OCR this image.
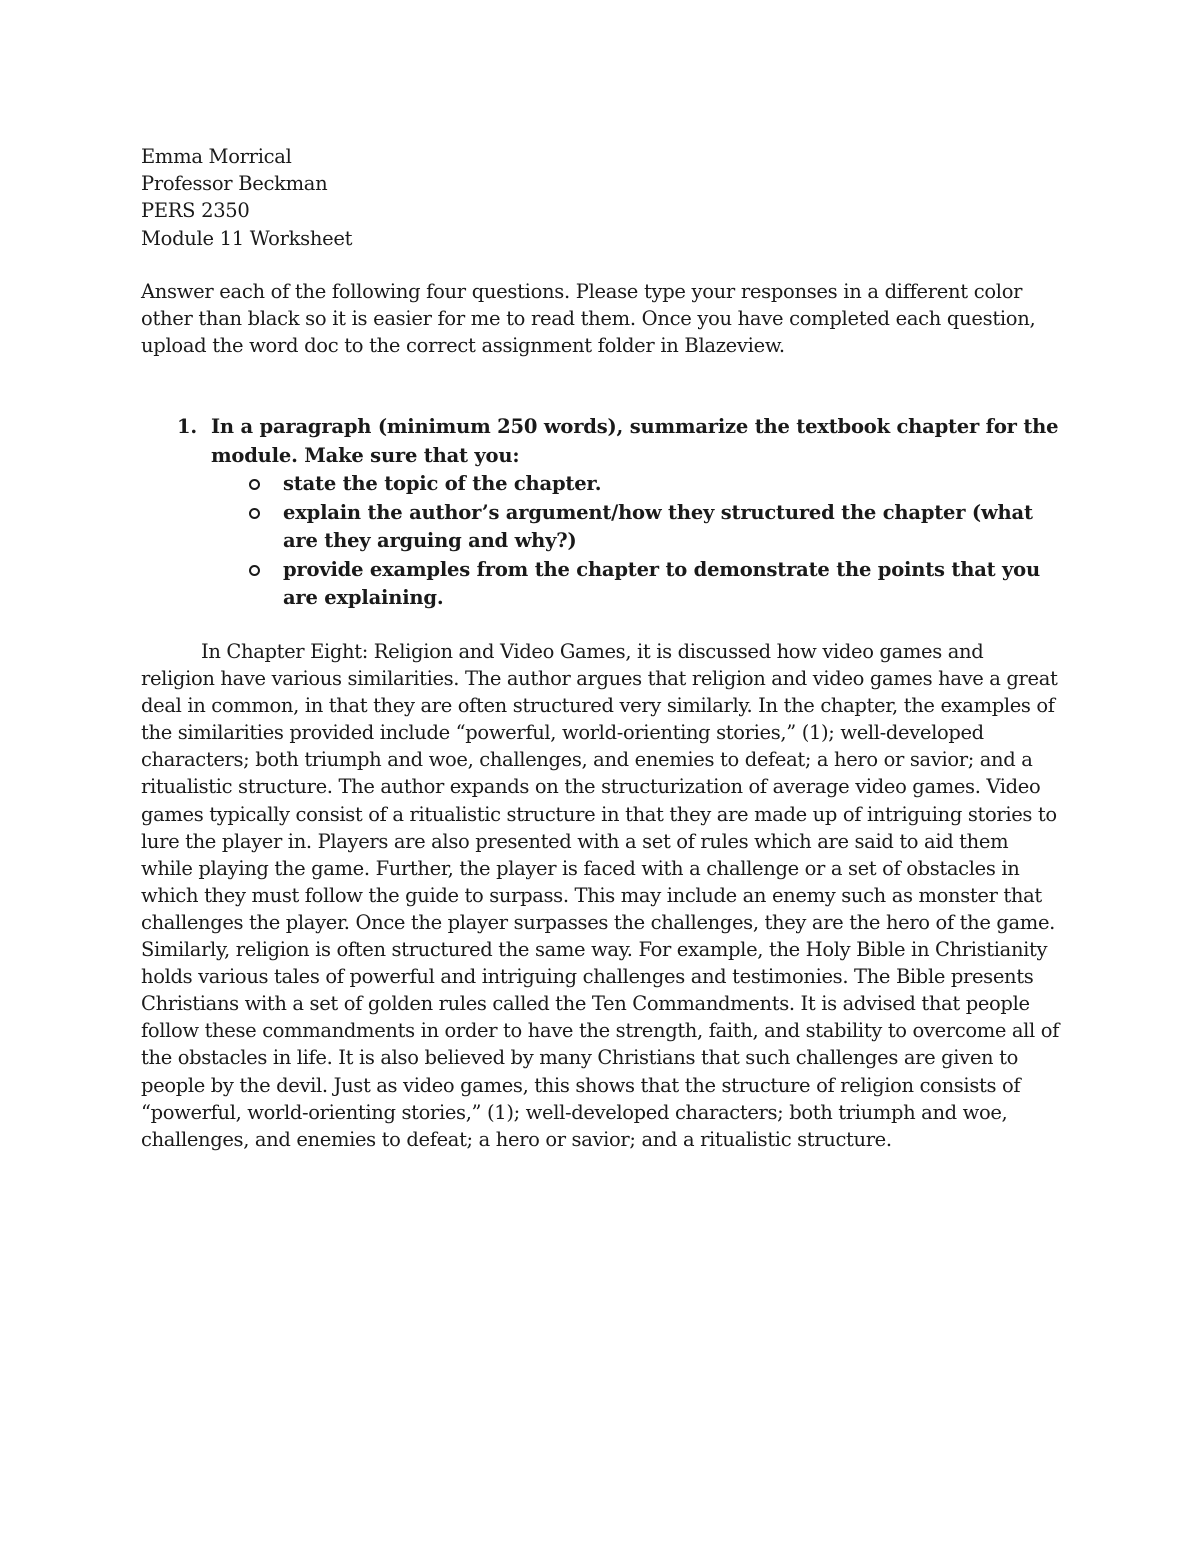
Emma Morrical
Professor Beckman
PERS 2350
Module 11 Worksheet

Answer each of the following four questions. Please type your responses in a different color other than black so it is easier for me to read them. Once you have completed each question, upload the word doc to the correct assignment folder in Blazeview.

1. In a paragraph (minimum 250 words), summarize the textbook chapter for the module. Make sure that you:
state the topic of the chapter.
explain the author’s argument/how they structured the chapter (what are they arguing and why?)
provide examples from the chapter to demonstrate the points that you are explaining.

In Chapter Eight: Religion and Video Games, it is discussed how video games and religion have various similarities. The author argues that religion and video games have a great deal in common, in that they are often structured very similarly. In the chapter, the examples of the similarities provided include “powerful, world-orienting stories,” (1); well-developed characters; both triumph and woe, challenges, and enemies to defeat; a hero or savior; and a ritualistic structure. The author expands on the structurization of average video games. Video games typically consist of a ritualistic structure in that they are made up of intriguing stories to lure the player in. Players are also presented with a set of rules which are said to aid them while playing the game. Further, the player is faced with a challenge or a set of obstacles in which they must follow the guide to surpass. This may include an enemy such as monster that challenges the player. Once the player surpasses the challenges, they are the hero of the game. Similarly, religion is often structured the same way. For example, the Holy Bible in Christianity holds various tales of powerful and intriguing challenges and testimonies. The Bible presents Christians with a set of golden rules called the Ten Commandments. It is advised that people follow these commandments in order to have the strength, faith, and stability to overcome all of the obstacles in life. It is also believed by many Christians that such challenges are given to people by the devil. Just as video games, this shows that the structure of religion consists of “powerful, world-orienting stories,” (1); well-developed characters; both triumph and woe, challenges, and enemies to defeat; a hero or savior; and a ritualistic structure.
